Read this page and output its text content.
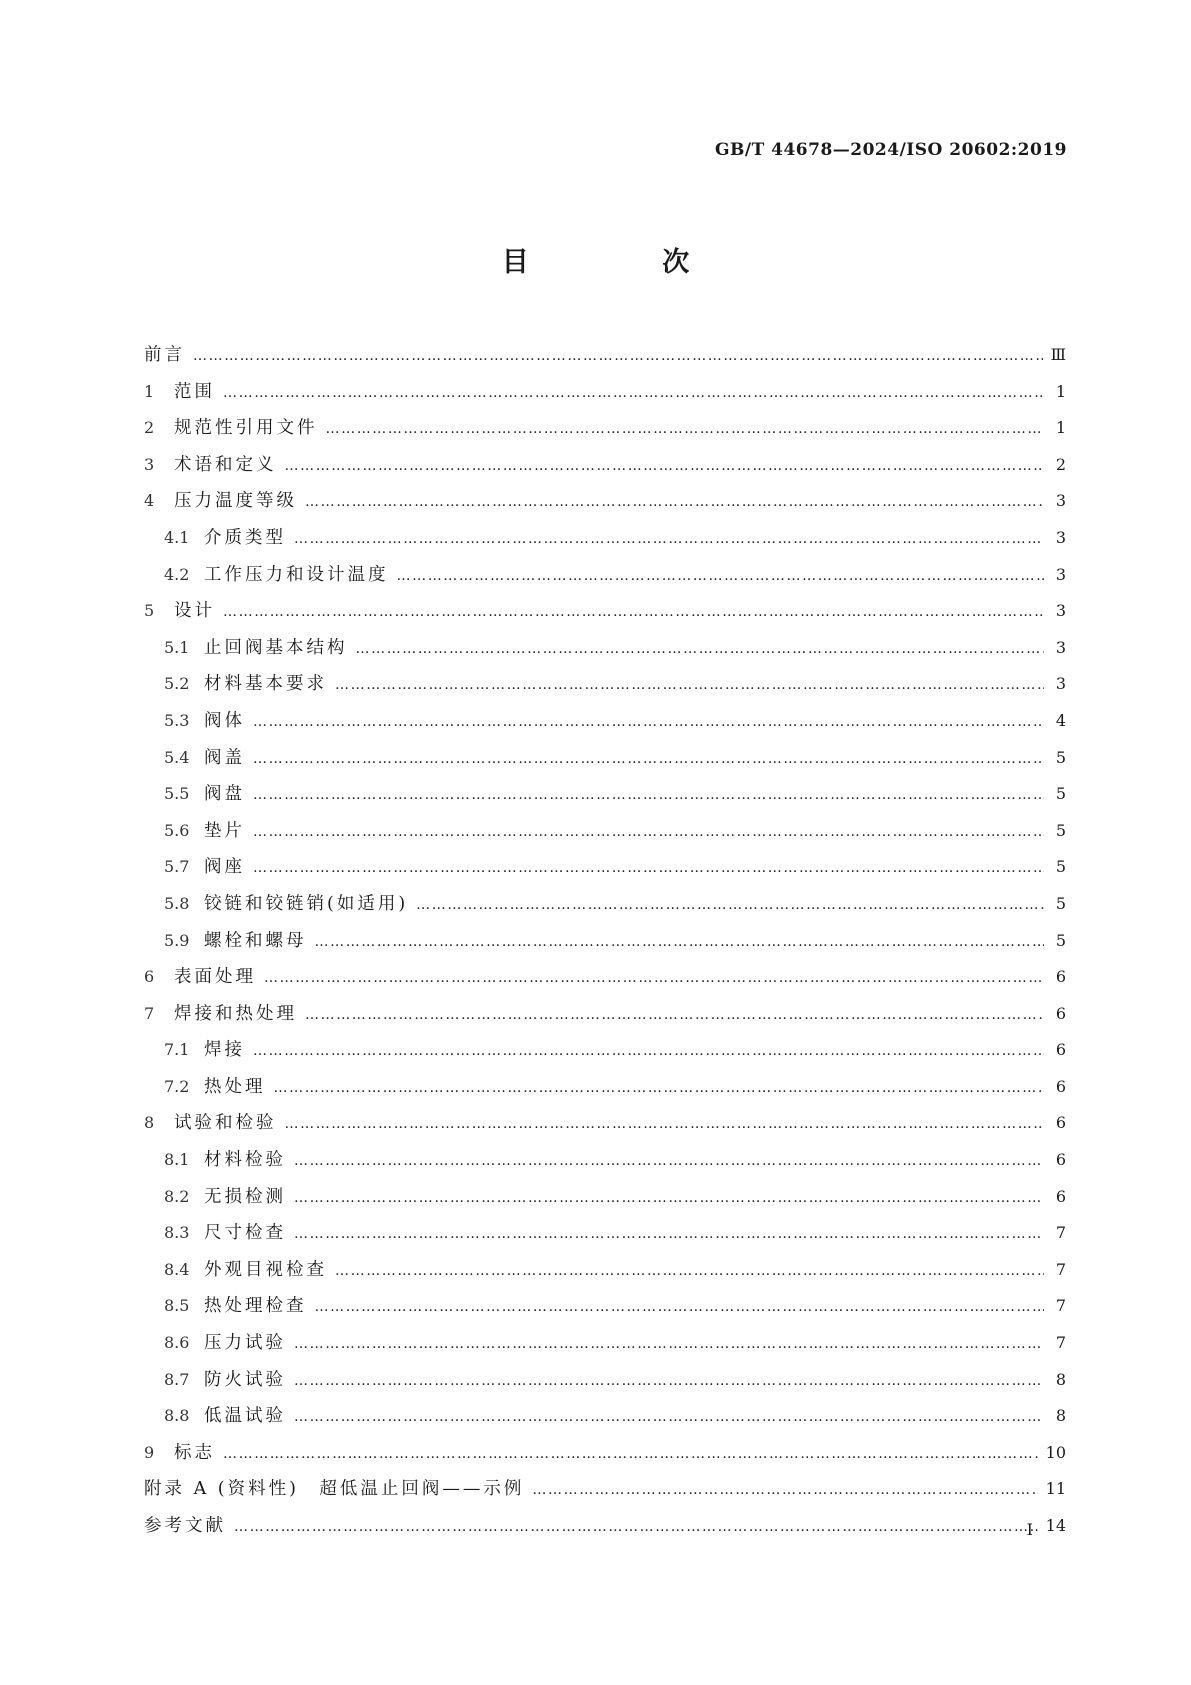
GB/T 44678—2024/ISO 20602:2019
目 次
前言 ……………………………………………………………………………………………………………………………………………………………………………………………………………………	Ⅲ
1	范围 ……………………………………………………………………………………………………………………………………………………………………………………………………………………	1
2	规范性引用文件 ……………………………………………………………………………………………………………………………………………………………………………………………………………………	1
3	术语和定义 ……………………………………………………………………………………………………………………………………………………………………………………………………………………	2
4	压力温度等级 ……………………………………………………………………………………………………………………………………………………………………………………………………………………	3
4.1 介质类型 ……………………………………………………………………………………………………………………………………………………………………………………………………………………	3
4.2 工作压力和设计温度 ……………………………………………………………………………………………………………………………………………………………………………………………………………………	3
5	设计 ……………………………………………………………………………………………………………………………………………………………………………………………………………………	3
5.1 止回阀基本结构 ……………………………………………………………………………………………………………………………………………………………………………………………………………………	3
5.2 材料基本要求 ……………………………………………………………………………………………………………………………………………………………………………………………………………………	3
5.3 阀体 ……………………………………………………………………………………………………………………………………………………………………………………………………………………	4
5.4 阀盖 ……………………………………………………………………………………………………………………………………………………………………………………………………………………	5
5.5 阀盘 ……………………………………………………………………………………………………………………………………………………………………………………………………………………	5
5.6 垫片 ……………………………………………………………………………………………………………………………………………………………………………………………………………………	5
5.7 阀座 ……………………………………………………………………………………………………………………………………………………………………………………………………………………	5
5.8 铰链和铰链销(如适用) ……………………………………………………………………………………………………………………………………………………………………………………………………………………	5
5.9 螺栓和螺母 ……………………………………………………………………………………………………………………………………………………………………………………………………………………	5
6	表面处理 ……………………………………………………………………………………………………………………………………………………………………………………………………………………	6
7	焊接和热处理 ……………………………………………………………………………………………………………………………………………………………………………………………………………………	6
7.1 焊接 ……………………………………………………………………………………………………………………………………………………………………………………………………………………	6
7.2 热处理 ……………………………………………………………………………………………………………………………………………………………………………………………………………………	6
8	试验和检验 ……………………………………………………………………………………………………………………………………………………………………………………………………………………	6
8.1 材料检验 ……………………………………………………………………………………………………………………………………………………………………………………………………………………	6
8.2 无损检测 ……………………………………………………………………………………………………………………………………………………………………………………………………………………	6
8.3 尺寸检查 ……………………………………………………………………………………………………………………………………………………………………………………………………………………	7
8.4 外观目视检查 ……………………………………………………………………………………………………………………………………………………………………………………………………………………	7
8.5 热处理检查 ……………………………………………………………………………………………………………………………………………………………………………………………………………………	7
8.6 压力试验 ……………………………………………………………………………………………………………………………………………………………………………………………………………………	7
8.7 防火试验 ……………………………………………………………………………………………………………………………………………………………………………………………………………………	8
8.8 低温试验 ……………………………………………………………………………………………………………………………………………………………………………………………………………………	8
9	标志 ……………………………………………………………………………………………………………………………………………………………………………………………………………………	10
附录 A (资料性)　超低温止回阀——示例 ……………………………………………………………………………………………………………………………………………………………………………………………………………………	11
参考文献 ……………………………………………………………………………………………………………………………………………………………………………………………………………………	14
I
